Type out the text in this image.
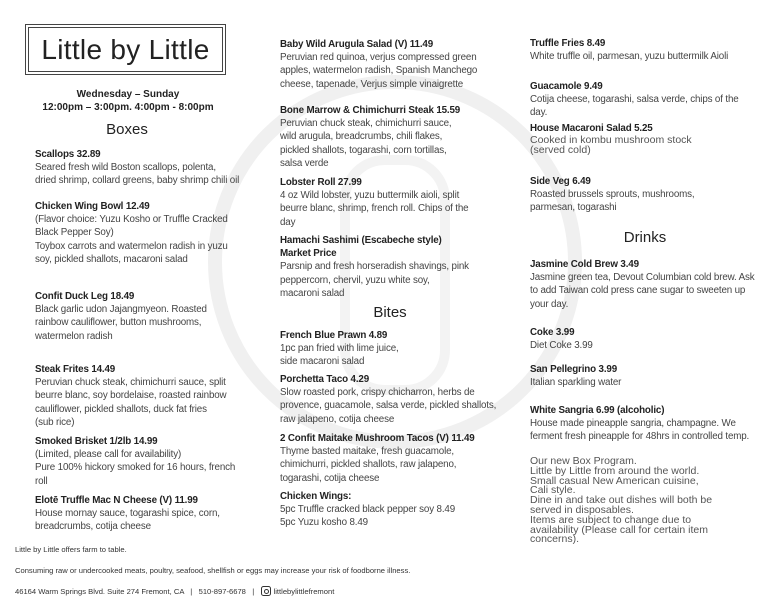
Little by Little
Wednesday – Sunday
12:00pm – 3:00pm. 4:00pm - 8:00pm
Boxes
Bites
Drinks
Scallops 32.89
Seared fresh wild Boston scallops, polenta,
dried shrimp, collard greens, baby shrimp chili oil
Chicken Wing Bowl 12.49
(Flavor choice: Yuzu Kosho or Truffle Cracked
Black Pepper Soy)
Toybox carrots and watermelon radish in yuzu
soy, pickled shallots, macaroni salad
Confit Duck Leg 18.49
Black garlic udon Jajangmyeon. Roasted
rainbow cauliflower, button mushrooms,
watermelon radish
Steak Frites 14.49
Peruvian chuck steak, chimichurri sauce, split
beurre blanc, soy bordelaise, roasted rainbow
cauliflower, pickled shallots, duck fat fries
(sub rice)
Smoked Brisket 1/2lb 14.99
(Limited, please call for availability)
Pure 100% hickory smoked for 16 hours, french
roll
Elotē Truffle Mac N Cheese (V) 11.99
House mornay sauce, togarashi spice, corn,
breadcrumbs, cotija cheese
Baby Wild Arugula Salad (V) 11.49
Peruvian red quinoa, verjus compressed green
apples, watermelon radish, Spanish Manchego
cheese, tapenade, Verjus simple vinaigrette
Bone Marrow & Chimichurri Steak 15.59
Peruvian chuck steak, chimichurri sauce,
wild arugula, breadcrumbs, chili flakes,
pickled shallots, togarashi, corn tortillas,
salsa verde
Lobster Roll 27.99
4 oz Wild lobster, yuzu buttermilk aioli, split
beurre blanc, shrimp, french roll. Chips of the
day
Hamachi Sashimi (Escabeche style)
Market Price
Parsnip and fresh horseradish shavings, pink
peppercorn, chervil, yuzu white soy,
macaroni salad
French Blue Prawn 4.89
1pc pan fried with lime juice,
side macaroni salad
Porchetta Taco 4.29
Slow roasted pork, crispy chicharron, herbs de
provence, guacamole, salsa verde, pickled shallots,
raw jalapeno, cotija cheese
2 Confit Maitake Mushroom Tacos (V) 11.49
Thyme basted maitake, fresh guacamole,
chimichurri, pickled shallots, raw jalapeno,
togarashi, cotija cheese
Chicken Wings:
5pc Truffle cracked black pepper soy 8.49
5pc Yuzu kosho 8.49
Truffle Fries 8.49
White truffle oil, parmesan, yuzu buttermilk Aioli
Guacamole 9.49
Cotija cheese, togarashi, salsa verde, chips of the
day.
House Macaroni Salad 5.25
Cooked in kombu mushroom stock
(served cold)
Side Veg 6.49
Roasted brussels sprouts, mushrooms,
parmesan, togarashi
Jasmine Cold Brew 3.49
Jasmine green tea, Devout Columbian cold brew. Ask
to add Taiwan cold press cane sugar to sweeten up
your day.
Coke 3.99
Diet Coke 3.99
San Pellegrino 3.99
Italian sparkling water
White Sangria 6.99 (alcoholic)
House made pineapple sangria, champagne. We
ferment fresh pineapple for 48hrs in controlled temp.
Our new Box Program.
Little by Little from around the world.
Small casual New American cuisine,
Cali style.
Dine in and take out dishes will both be
served in disposables.
Items are subject to change due to
availability (Please call for certain item
concerns).
Little by Little offers farm to table.
Consuming raw or undercooked meats, poultry, seafood, shellfish or eggs may increase your risk of foodborne illness.
46164 Warm Springs Blvd. Suite 274 Fremont, CA   |   510-897-6678   |   littlebylittlefremont
